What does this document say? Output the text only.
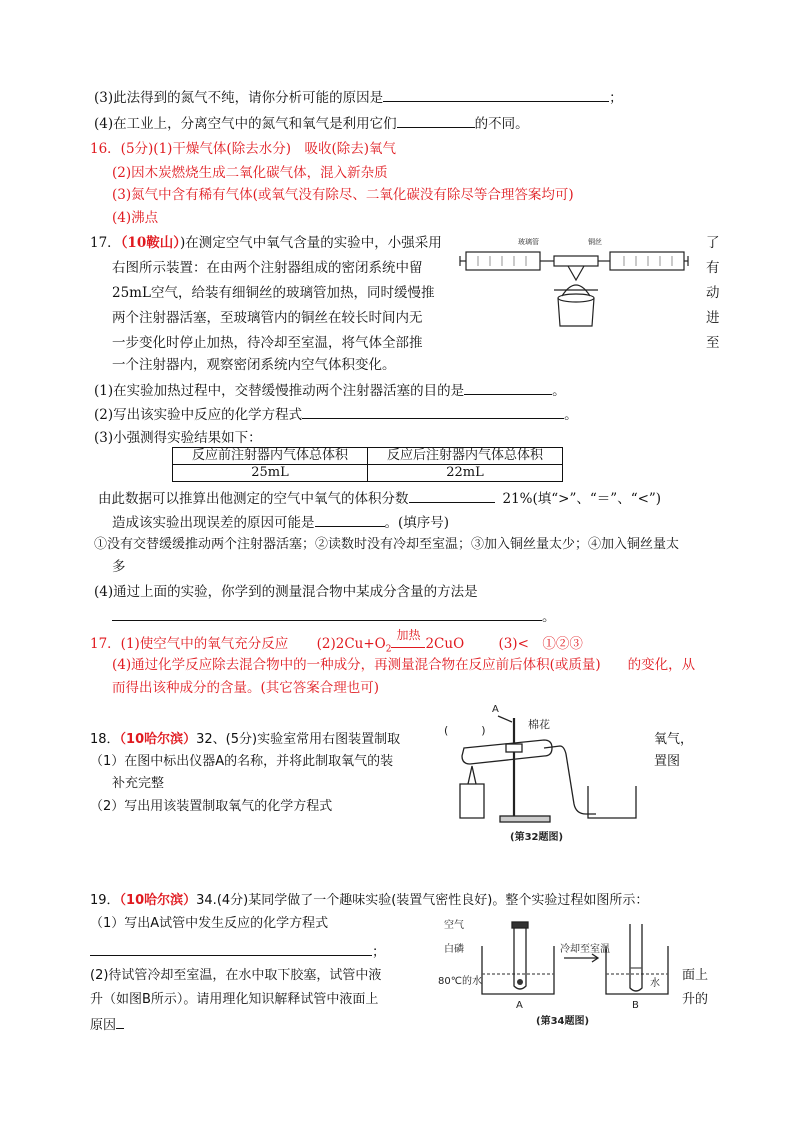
(3)此法得到的氮气不纯，请你分析可能的原因是	；
(4)在工业上，分离空气中的氮气和氧气是利用它们	的不同。
16．(5分)(1)干燥气体(除去水分)　吸收(除去)氧气
(2)因木炭燃烧生成二氧化碳气体，混入新杂质
(3)氮气中含有稀有气体(或氧气没有除尽、二氧化碳没有除尽等合理答案均可)
(4)沸点
17．（10鞍山）)在测定空气中氧气含量的实验中，小强采用	了
右图所示装置：在由两个注射器组成的密闭系统中留	有
25mL空气，给装有细铜丝的玻璃管加热，同时缓慢推	动
两个注射器活塞，至玻璃管内的铜丝在较长时间内无	进
一步变化时停止加热，待冷却至室温，将气体全部推	至
一个注射器内，观察密闭系统内空气体积变化。
玻璃管	铜丝
(1)在实验加热过程中，交替缓慢推动两个注射器活塞的目的是	。
(2)写出该实验中反应的化学方程式	。
(3)小强测得实验结果如下：
反应前注射器内气体总体积	反应后注射器内气体总体积
25mL	22mL
由此数据可以推算出他测定的空气中氧气的体积分数	21%(填“>”、“＝”、“<”)
造成该实验出现误差的原因可能是	。(填序号)
①没有交替缓缓推动两个注射器活塞；②读数时没有冷却至室温；③加入铜丝量太少；④加入铜丝量太
多
(4)通过上面的实验，你学到的测量混合物中某成分含量的方法是
。
17．(1)使空气中的氧气充分反应 $(2)2Cu+O_2$
加热
2CuO	(3)<　①②③
(4)通过化学反应除去混合物中的一种成分，再测量混合物在反应前后体积(或质量)　　的变化，从
而得出该种成分的含量。(其它答案合理也可)
18．（10哈尔滨）32、(5分)实验室常用右图装置制取	氧气，
（1）在图中标出仪器A的名称，并将此制取氧气的装	置图
补充完整
（2）写出用该装置制取氧气的化学方程式
(　　　)
A
棉花
(第32题图)
19．（10哈尔滨）34.(4分)某同学做了一个趣味实验(装置气密性良好)。整个实验过程如图所示：
（1）写出A试管中发生反应的化学方程式
；
(2)待试管冷却至室温，在水中取下胶塞，试管中液	面上
升（如图B所示）。请用理化知识解释试管中液面上	升的
原因
空气
白磷
80℃的水
冷却至室温
水
A	B
(第34题图)
